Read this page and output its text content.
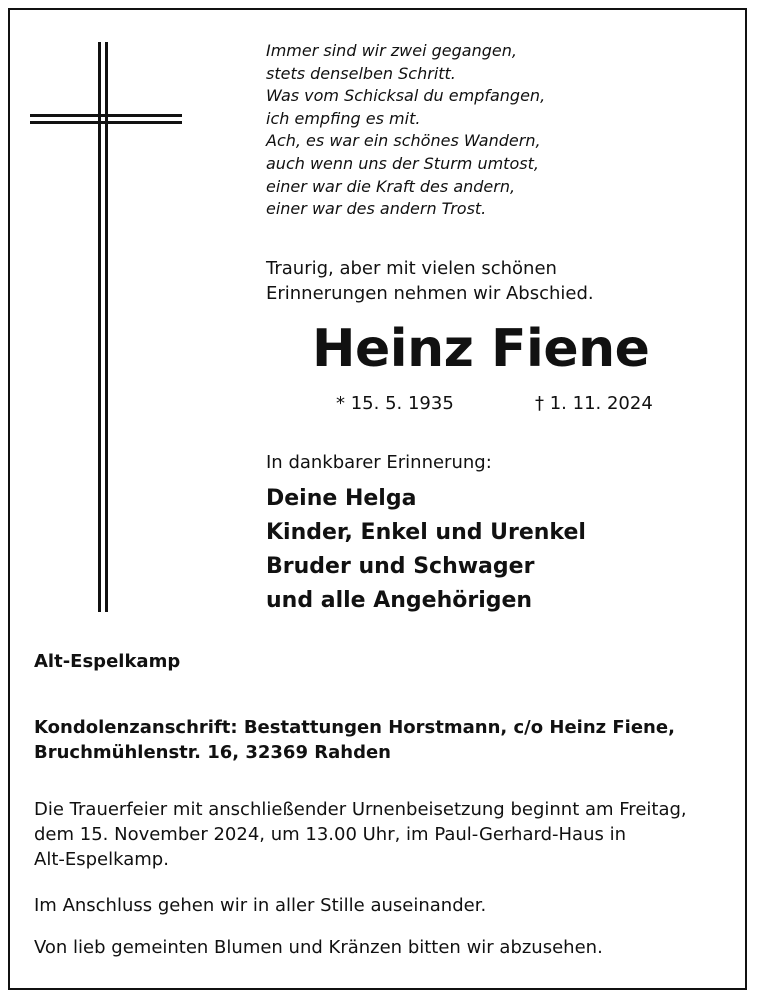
Immer sind wir zwei gegangen,
stets denselben Schritt.
Was vom Schicksal du empfangen,
ich empfing es mit.
Ach, es war ein schönes Wandern,
auch wenn uns der Sturm umtost,
einer war die Kraft des andern,
einer war des andern Trost.
Traurig, aber mit vielen schönen
Erinnerungen nehmen wir Abschied.
Heinz Fiene
* 15. 5. 1935	† 1. 11. 2024
In dankbarer Erinnerung:
Deine Helga
Kinder, Enkel und Urenkel
Bruder und Schwager
und alle Angehörigen
Alt-Espelkamp
Kondolenzanschrift: Bestattungen Horstmann, c/o Heinz Fiene,
Bruchmühlenstr. 16, 32369 Rahden
Die Trauerfeier mit anschließender Urnenbeisetzung beginnt am Freitag,
dem 15. November 2024, um 13.00 Uhr, im Paul-Gerhard-Haus in
Alt-Espelkamp.
Im Anschluss gehen wir in aller Stille auseinander.
Von lieb gemeinten Blumen und Kränzen bitten wir abzusehen.
